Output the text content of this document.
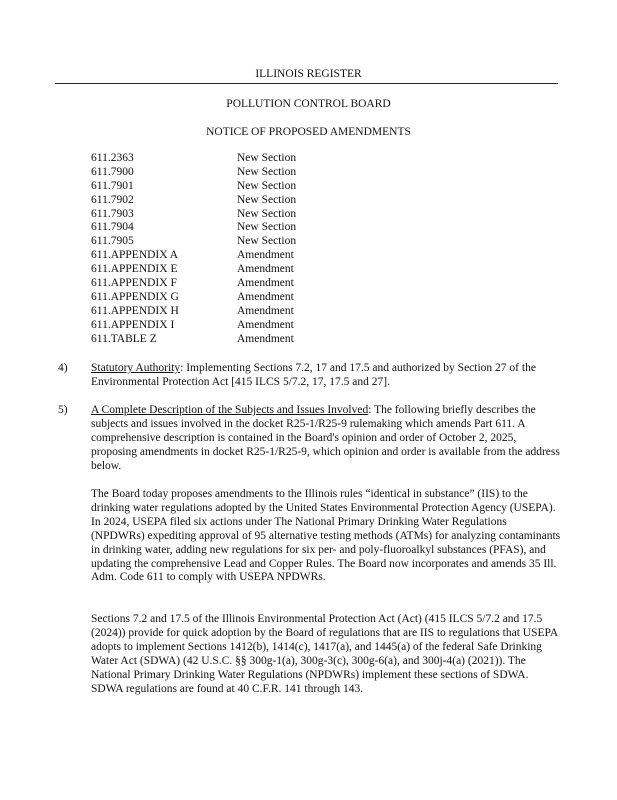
ILLINOIS REGISTER
POLLUTION CONTROL BOARD
NOTICE OF PROPOSED AMENDMENTS
611.2363	New Section
611.7900	New Section
611.7901	New Section
611.7902	New Section
611.7903	New Section
611.7904	New Section
611.7905	New Section
611.APPENDIX A	Amendment
611.APPENDIX E	Amendment
611.APPENDIX F	Amendment
611.APPENDIX G	Amendment
611.APPENDIX H	Amendment
611.APPENDIX I	Amendment
611.TABLE Z	Amendment
4) Statutory Authority: Implementing Sections 7.2, 17 and 17.5 and authorized by Section 27 of the Environmental Protection Act [415 ILCS 5/7.2, 17, 17.5 and 27].
5) A Complete Description of the Subjects and Issues Involved: The following briefly describes the subjects and issues involved in the docket R25-1/R25-9 rulemaking which amends Part 611. A comprehensive description is contained in the Board's opinion and order of October 2, 2025, proposing amendments in docket R25-1/R25-9, which opinion and order is available from the address below.
The Board today proposes amendments to the Illinois rules “identical in substance” (IIS) to the drinking water regulations adopted by the United States Environmental Protection Agency (USEPA). In 2024, USEPA filed six actions under The National Primary Drinking Water Regulations (NPDWRs) expediting approval of 95 alternative testing methods (ATMs) for analyzing contaminants in drinking water, adding new regulations for six per- and poly-fluoroalkyl substances (PFAS), and updating the comprehensive Lead and Copper Rules. The Board now incorporates and amends 35 Ill. Adm. Code 611 to comply with USEPA NPDWRs.
Sections 7.2 and 17.5 of the Illinois Environmental Protection Act (Act) (415 ILCS 5/7.2 and 17.5 (2024)) provide for quick adoption by the Board of regulations that are IIS to regulations that USEPA adopts to implement Sections 1412(b), 1414(c), 1417(a), and 1445(a) of the federal Safe Drinking Water Act (SDWA) (42 U.S.C. §§ 300g-1(a), 300g-3(c), 300g-6(a), and 300j-4(a) (2021)). The National Primary Drinking Water Regulations (NPDWRs) implement these sections of SDWA. SDWA regulations are found at 40 C.F.R. 141 through 143.
